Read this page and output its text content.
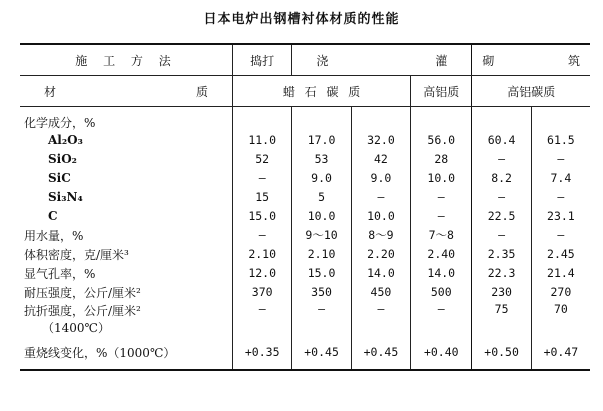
日本电炉出钢槽衬体材质的性能
施 工 方 法	捣打	浇 灌			砌 筑	

材 质	蜡 石 碳 质			高铝质	高铝碳质	
化学成分，%						
Al₂O₃	11.0	17.0	32.0	56.0	60.4	61.5
SiO₂	52	53	42	28	—	—
SiC	—	9.0	9.0	10.0	8.2	7.4
Si₃N₄	15	5	—	—	—	—
C	15.0	10.0	10.0	—	22.5	23.1
用水量，%	—	9～10	8～9	7～8	—	—
体积密度，克/厘米³	2.10	2.10	2.20	2.40	2.35	2.45
显气孔率，%	12.0	15.0	14.0	14.0	22.3	21.4
耐压强度，公斤/厘米²	370	350	450	500	230	270
抗折强度，公斤/厘米²
（1400℃）	—	—	—	—	75	70
重烧线变化，%（1000℃）	+0.35	+0.45	+0.45	+0.40	+0.50	+0.47
